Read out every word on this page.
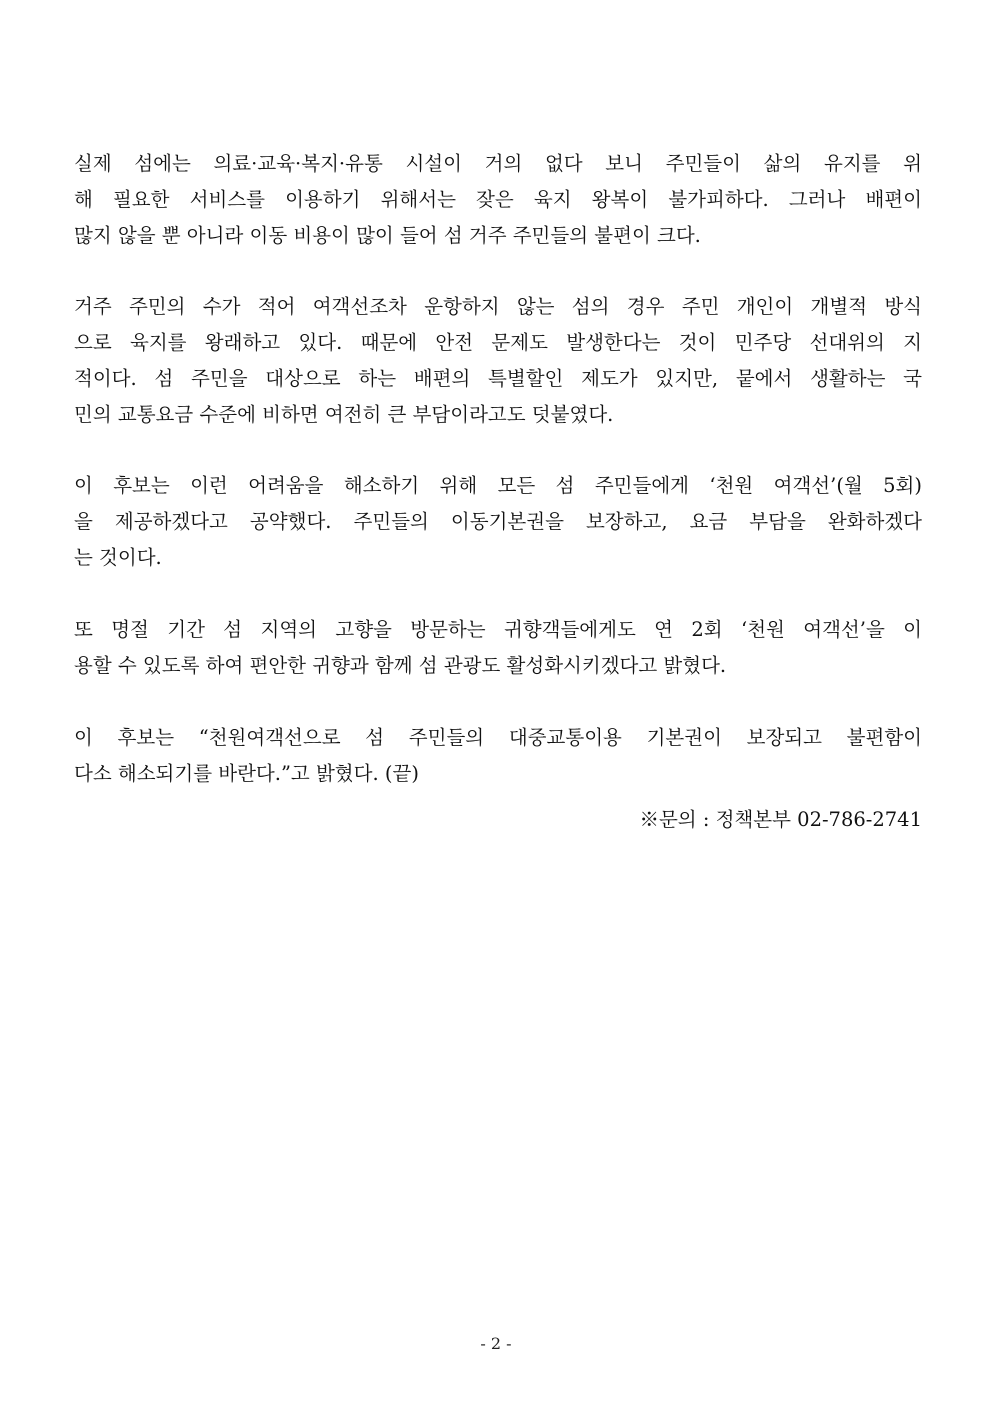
실제 섬에는 의료·교육·복지·유통 시설이 거의 없다 보니 주민들이 삶의 유지를 위
해 필요한 서비스를 이용하기 위해서는 잦은 육지 왕복이 불가피하다. 그러나 배편이
많지 않을 뿐 아니라 이동 비용이 많이 들어 섬 거주 주민들의 불편이 크다.
거주 주민의 수가 적어 여객선조차 운항하지 않는 섬의 경우 주민 개인이 개별적 방식
으로 육지를 왕래하고 있다. 때문에 안전 문제도 발생한다는 것이 민주당 선대위의 지
적이다. 섬 주민을 대상으로 하는 배편의 특별할인 제도가 있지만, 뭍에서 생활하는 국
민의 교통요금 수준에 비하면 여전히 큰 부담이라고도 덧붙였다.
이 후보는 이런 어려움을 해소하기 위해 모든 섬 주민들에게 ‘천원 여객선’(월 5회)
을 제공하겠다고 공약했다. 주민들의 이동기본권을 보장하고, 요금 부담을 완화하겠다
는 것이다.
또 명절 기간 섬 지역의 고향을 방문하는 귀향객들에게도 연 2회 ‘천원 여객선’을 이
용할 수 있도록 하여 편안한 귀향과 함께 섬 관광도 활성화시키겠다고 밝혔다.
이 후보는 “천원여객선으로 섬 주민들의 대중교통이용 기본권이 보장되고 불편함이
다소 해소되기를 바란다.”고 밝혔다. (끝)
※문의 : 정책본부 02-786-2741
- 2 -
